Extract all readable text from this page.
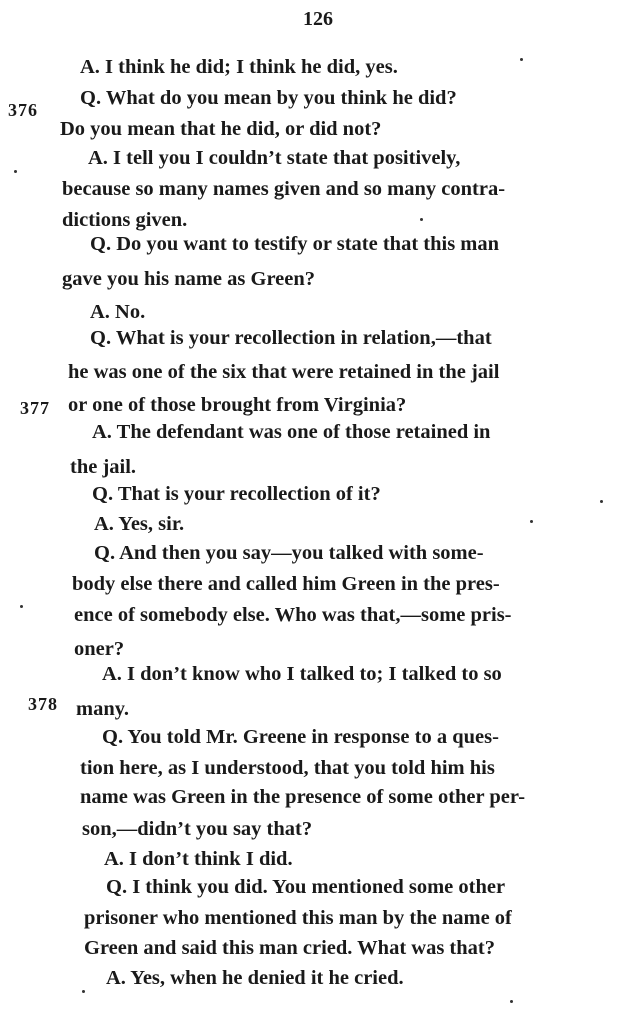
126
376
377
378
A. I think he did; I think he did, yes.
Q. What do you mean by you think he did?
Do you mean that he did, or did not?
A. I tell you I couldn’t state that positively,
because so many names given and so many contra-
dictions given.
Q. Do you want to testify or state that this man
gave you his name as Green?
A. No.
Q. What is your recollection in relation,—that
he was one of the six that were retained in the jail
or one of those brought from Virginia?
A. The defendant was one of those retained in
the jail.
Q. That is your recollection of it?
A. Yes, sir.
Q. And then you say—you talked with some-
body else there and called him Green in the pres-
ence of somebody else. Who was that,—some pris-
oner?
A. I don’t know who I talked to; I talked to so
many.
Q. You told Mr. Greene in response to a ques-
tion here, as I understood, that you told him his
name was Green in the presence of some other per-
son,—didn’t you say that?
A. I don’t think I did.
Q. I think you did. You mentioned some other
prisoner who mentioned this man by the name of
Green and said this man cried. What was that?
A. Yes, when he denied it he cried.
